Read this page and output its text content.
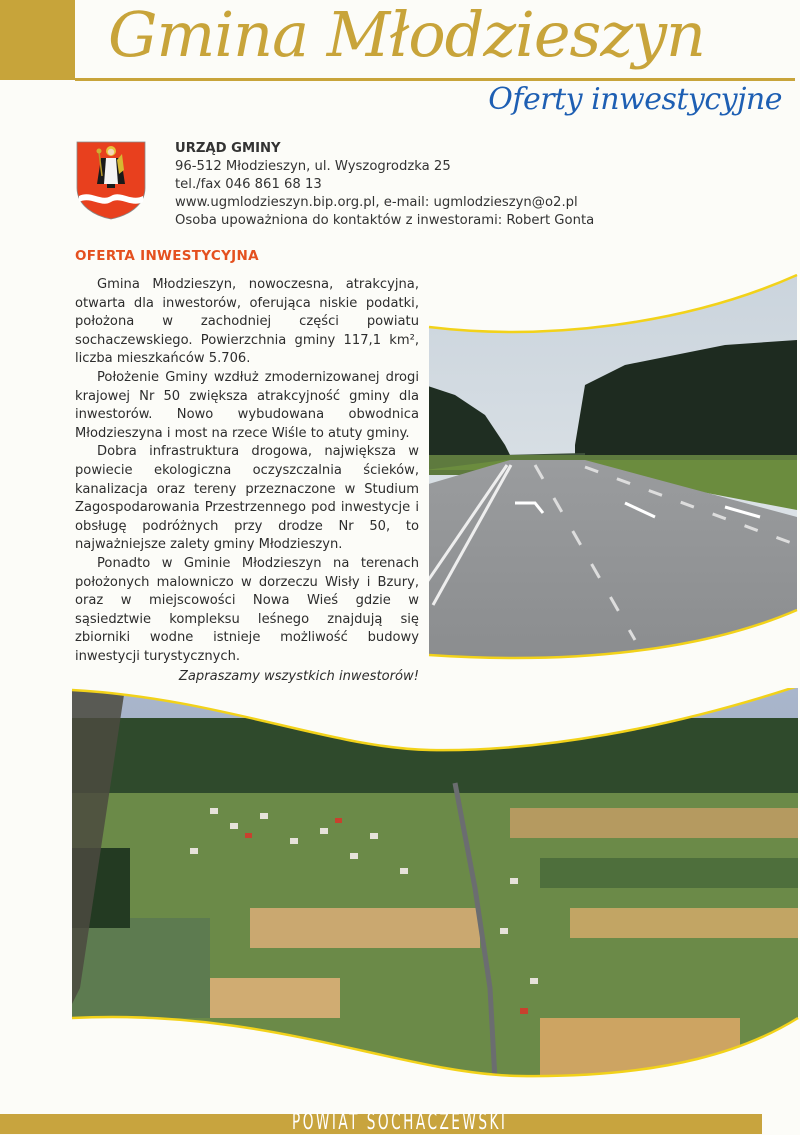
Gmina Młodzieszyn
Oferty inwestycyjne
URZĄD GMINY
96-512 Młodzieszyn, ul. Wyszogrodzka 25
tel./fax 046 861 68 13
www.ugmlodzieszyn.bip.org.pl, e-mail: ugmlodzieszyn@o2.pl
Osoba upoważniona do kontaktów z inwestorami: Robert Gonta
OFERTA INWESTYCYJNA

Gmina Młodzieszyn, nowoczesna, atrakcyjna, otwarta dla inwestorów, oferująca niskie podatki, położona w zachodniej części powiatu sochaczewskiego. Powierzchnia gminy 117,1 km², liczba mieszkańców 5.706.

Położenie Gminy wzdłuż zmodernizowanej drogi krajowej Nr 50 zwiększa atrakcyjność gminy dla inwestorów. Nowo wybudowana obwodnica Młodzieszyna i most na rzece Wiśle to atuty gminy.

Dobra infrastruktura drogowa, największa w powiecie ekologiczna oczyszczalnia ścieków, kanalizacja oraz tereny przeznaczone w Studium Zagospodarowania Przestrzennego pod inwestycje i obsługę podróżnych przy drodze Nr 50, to najważniejsze zalety gminy Młodzieszyn.

Ponadto w Gminie Młodzieszyn na terenach położonych malowniczo w dorzeczu Wisły i Bzury, oraz w miejscowości Nowa Wieś gdzie w sąsiedztwie kompleksu leśnego znajdują się zbiorniki wodne istnieje możliwość budowy inwestycji turystycznych.

Zapraszamy wszystkich inwestorów!

POWIAT SOCHACZEWSKI
